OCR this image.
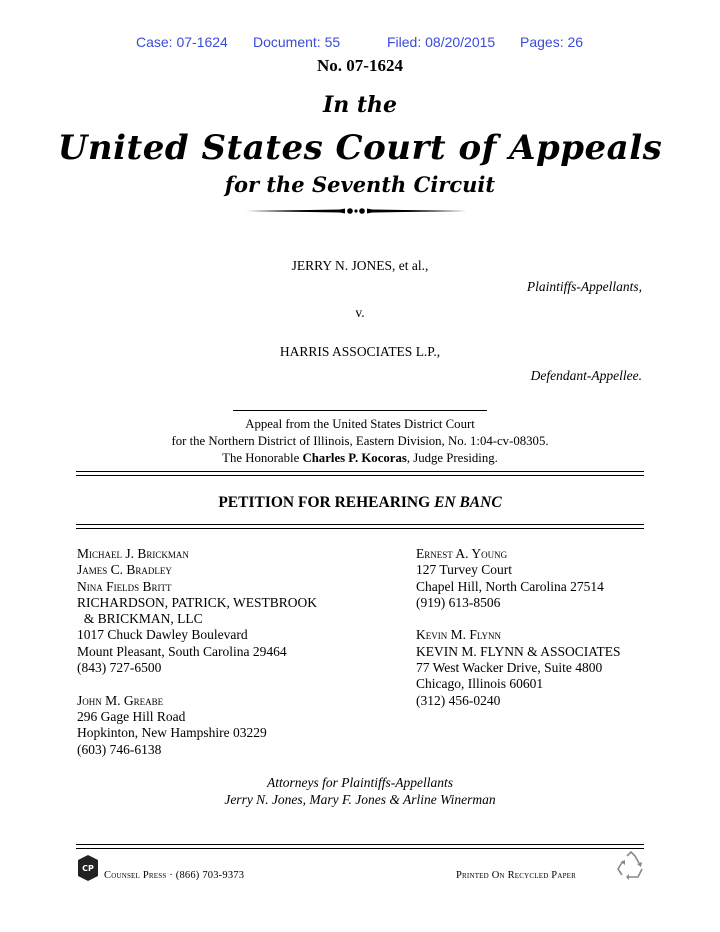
Case: 07-1624 Document: 55	Filed: 08/20/2015 Pages: 26
No. 07-1624
In the
United States Court of Appeals
for the Seventh Circuit
JERRY N. JONES, et al.,
Plaintiffs-Appellants,
v.
HARRIS ASSOCIATES L.P.,
Defendant-Appellee.
Appeal from the United States District Court
for the Northern District of Illinois, Eastern Division, No. 1:04-cv-08305.
The Honorable Charles P. Kocoras, Judge Presiding.
PETITION FOR REHEARING EN BANC
Michael J. Brickman
James C. Bradley
Nina Fields Britt
RICHARDSON, PATRICK, WESTBROOK
& BRICKMAN, LLC
1017 Chuck Dawley Boulevard
Mount Pleasant, South Carolina 29464
(843) 727-6500
John M. Greabe
296 Gage Hill Road
Hopkinton, New Hampshire 03229
(603) 746-6138
Ernest A. Young
127 Turvey Court
Chapel Hill, North Carolina 27514
(919) 613-8506
Kevin M. Flynn
KEVIN M. FLYNN & ASSOCIATES
77 West Wacker Drive, Suite 4800
Chicago, Illinois 60601
(312) 456-0240
Attorneys for Plaintiffs-Appellants
Jerry N. Jones, Mary F. Jones & Arline Winerman
CP
Counsel Press · (866) 703-9373	Printed On Recycled Paper
